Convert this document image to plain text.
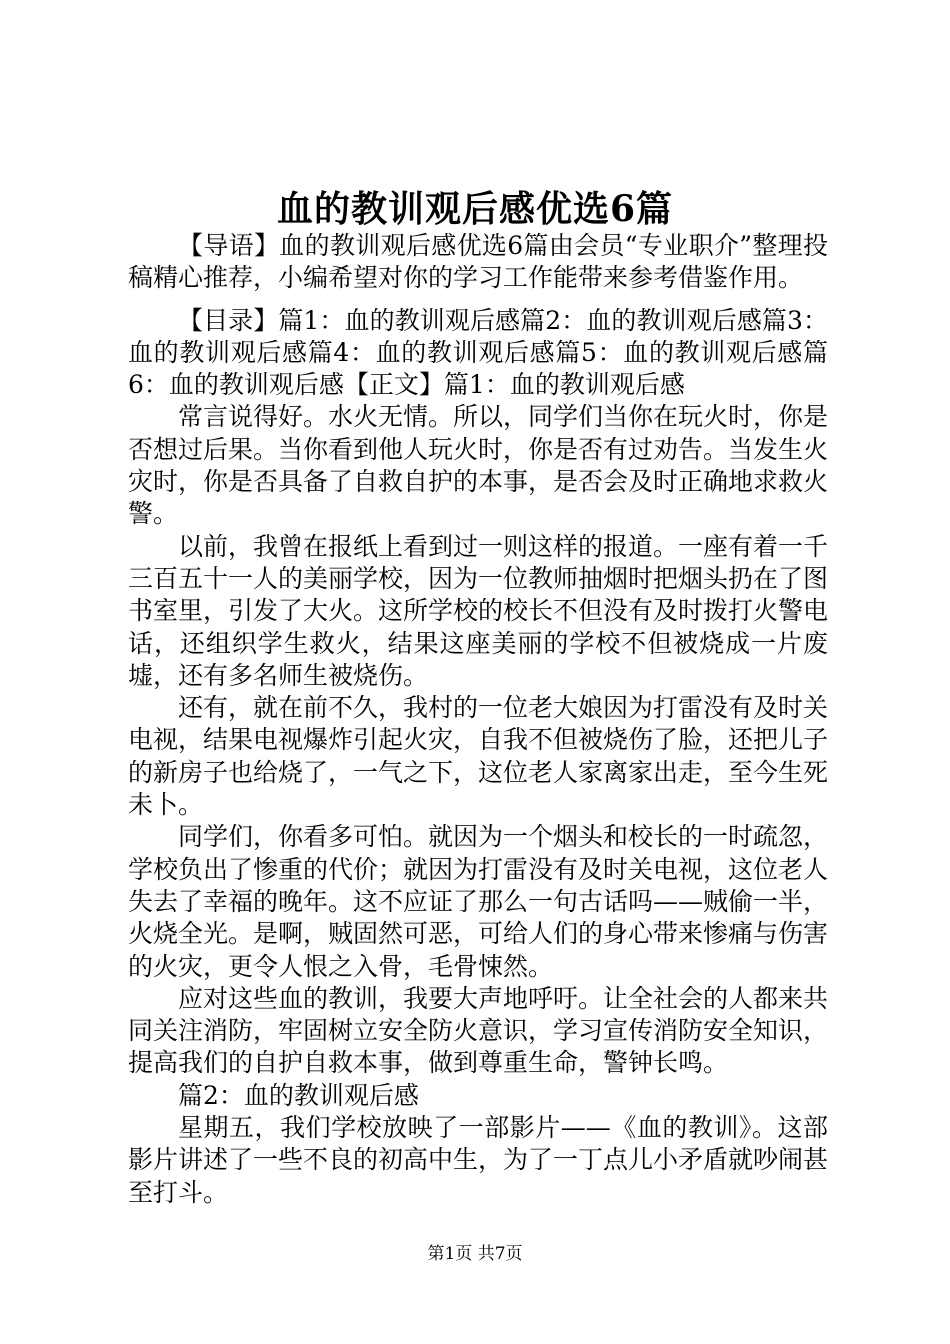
血的教训观后感优选6篇

【导语】血的教训观后感优选6篇由会员“专业职介”整理投稿精心推荐，小编希望对你的学习工作能带来参考借鉴作用。

【目录】篇1：血的教训观后感篇2：血的教训观后感篇3：血的教训观后感篇4：血的教训观后感篇5：血的教训观后感篇6：血的教训观后感【正文】篇1：血的教训观后感

常言说得好。水火无情。所以，同学们当你在玩火时，你是否想过后果。当你看到他人玩火时，你是否有过劝告。当发生火灾时，你是否具备了自救自护的本事，是否会及时正确地求救火警。

以前，我曾在报纸上看到过一则这样的报道。一座有着一千三百五十一人的美丽学校，因为一位教师抽烟时把烟头扔在了图书室里，引发了大火。这所学校的校长不但没有及时拨打火警电话，还组织学生救火，结果这座美丽的学校不但被烧成一片废墟，还有多名师生被烧伤。

还有，就在前不久，我村的一位老大娘因为打雷没有及时关电视，结果电视爆炸引起火灾，自我不但被烧伤了脸，还把儿子的新房子也给烧了，一气之下，这位老人家离家出走，至今生死未卜。

同学们，你看多可怕。就因为一个烟头和校长的一时疏忽，学校负出了惨重的代价；就因为打雷没有及时关电视，这位老人失去了幸福的晚年。这不应证了那么一句古话吗——贼偷一半，火烧全光。是啊，贼固然可恶，可给人们的身心带来惨痛与伤害的火灾，更令人恨之入骨，毛骨悚然。

应对这些血的教训，我要大声地呼吁。让全社会的人都来共同关注消防，牢固树立安全防火意识，学习宣传消防安全知识，提高我们的自护自救本事，做到尊重生命，警钟长鸣。

篇2：血的教训观后感

星期五，我们学校放映了一部影片——《血的教训》。这部影片讲述了一些不良的初高中生，为了一丁点儿小矛盾就吵闹甚至打斗。

第1页 共7页
